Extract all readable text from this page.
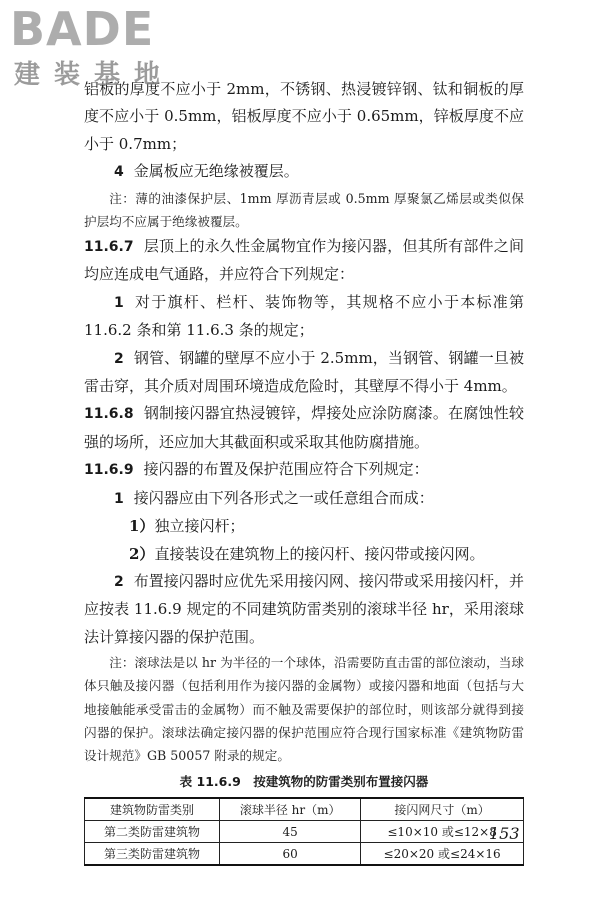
BADE
建装基地

铝板的厚度不应小于 2mm，不锈钢、热浸镀锌钢、钛和铜板的厚度不应小于 0.5mm，铝板厚度不应小于 0.65mm，锌板厚度不应小于 0.7mm；

4 金属板应无绝缘被覆层。

注：薄的油漆保护层、1mm 厚沥青层或 0.5mm 厚聚氯乙烯层或类似保护层均不应属于绝缘被覆层。

11.6.7 层顶上的永久性金属物宜作为接闪器，但其所有部件之间均应连成电气通路，并应符合下列规定：

1 对于旗杆、栏杆、装饰物等，其规格不应小于本标准第 11.6.2 条和第 11.6.3 条的规定；

2 钢管、钢罐的壁厚不应小于 2.5mm，当钢管、钢罐一旦被雷击穿，其介质对周围环境造成危险时，其壁厚不得小于 4mm。

11.6.8 钢制接闪器宜热浸镀锌，焊接处应涂防腐漆。在腐蚀性较强的场所，还应加大其截面积或采取其他防腐措施。

11.6.9 接闪器的布置及保护范围应符合下列规定：

1 接闪器应由下列各形式之一或任意组合而成：

1）独立接闪杆；

2）直接装设在建筑物上的接闪杆、接闪带或接闪网。

2 布置接闪器时应优先采用接闪网、接闪带或采用接闪杆，并应按表 11.6.9 规定的不同建筑防雷类别的滚球半径 hr，采用滚球法计算接闪器的保护范围。

注：滚球法是以 hr 为半径的一个球体，沿需要防直击雷的部位滚动，当球体只触及接闪器（包括利用作为接闪器的金属物）或接闪器和地面（包括与大地接触能承受雷击的金属物）而不触及需要保护的部位时，则该部分就得到接闪器的保护。滚球法确定接闪器的保护范围应符合现行国家标准《建筑物防雷设计规范》GB 50057 附录的规定。

表 11.6.9　按建筑物的防雷类别布置接闪器
建筑物防雷类别	滚球半径 hr（m）	接闪网尺寸（m）
第二类防雷建筑物	45	≤10×10 或≤12×8
第三类防雷建筑物	60	≤20×20 或≤24×16
153
